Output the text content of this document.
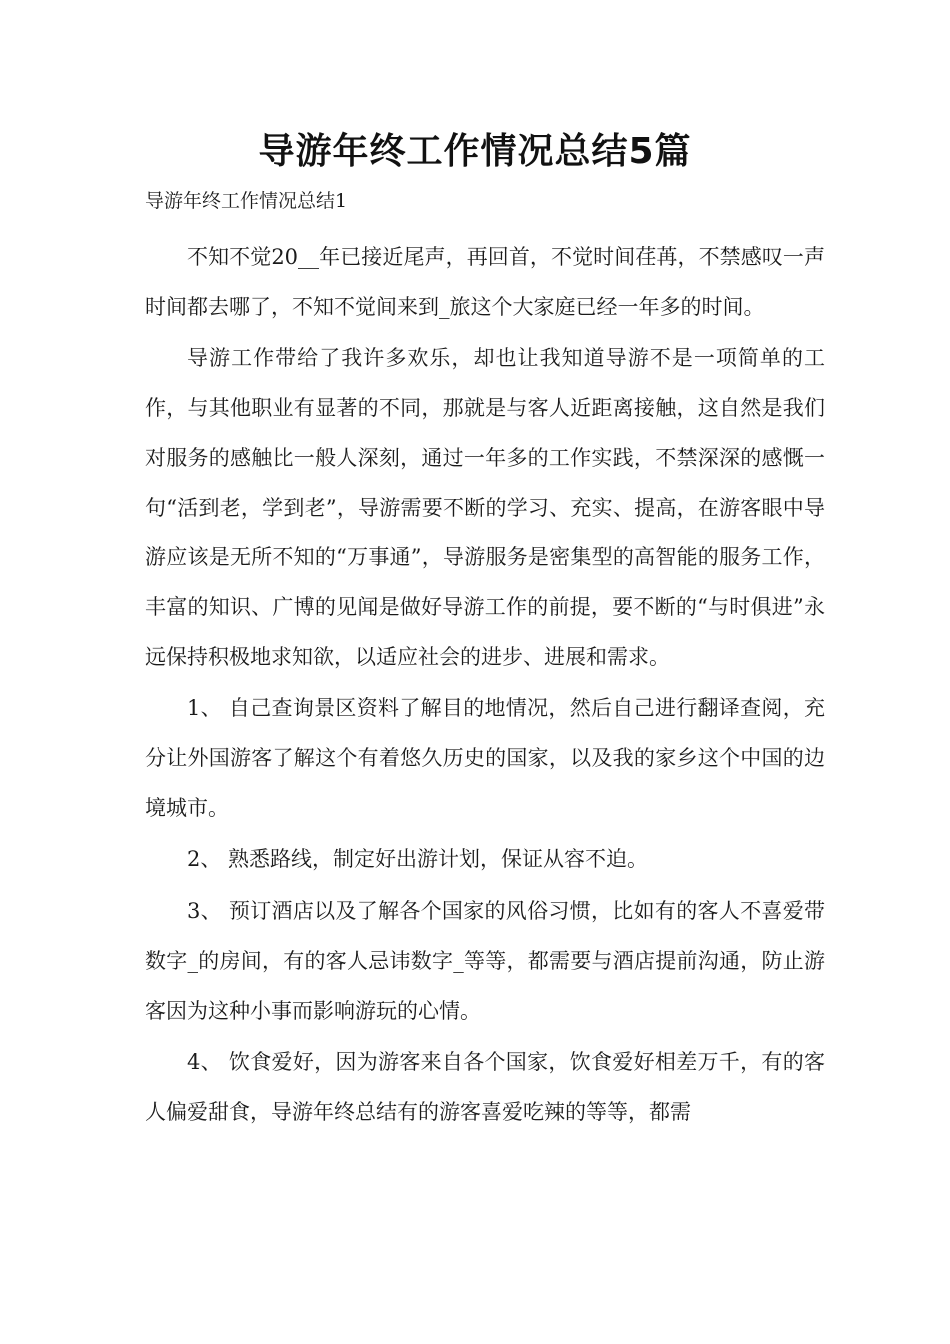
导游年终工作情况总结5篇

导游年终工作情况总结1

不知不觉20__年已接近尾声，再回首，不觉时间荏苒，不禁感叹一声时间都去哪了，不知不觉间来到_旅这个大家庭已经一年多的时间。

导游工作带给了我许多欢乐，却也让我知道导游不是一项简单的工作，与其他职业有显著的不同，那就是与客人近距离接触，这自然是我们对服务的感触比一般人深刻，通过一年多的工作实践，不禁深深的感慨一句“活到老，学到老”，导游需要不断的学习、充实、提高，在游客眼中导游应该是无所不知的“万事通”，导游服务是密集型的高智能的服务工作，丰富的知识、广博的见闻是做好导游工作的前提，要不断的“与时俱进”永远保持积极地求知欲，以适应社会的进步、进展和需求。

1、 自己查询景区资料了解目的地情况，然后自己进行翻译查阅，充分让外国游客了解这个有着悠久历史的国家，以及我的家乡这个中国的边境城市。

2、 熟悉路线，制定好出游计划，保证从容不迫。

3、 预订酒店以及了解各个国家的风俗习惯，比如有的客人不喜爱带数字_的房间，有的客人忌讳数字_等等，都需要与酒店提前沟通，防止游客因为这种小事而影响游玩的心情。

4、 饮食爱好，因为游客来自各个国家，饮食爱好相差万千，有的客人偏爱甜食，导游年终总结有的游客喜爱吃辣的等等，都需
